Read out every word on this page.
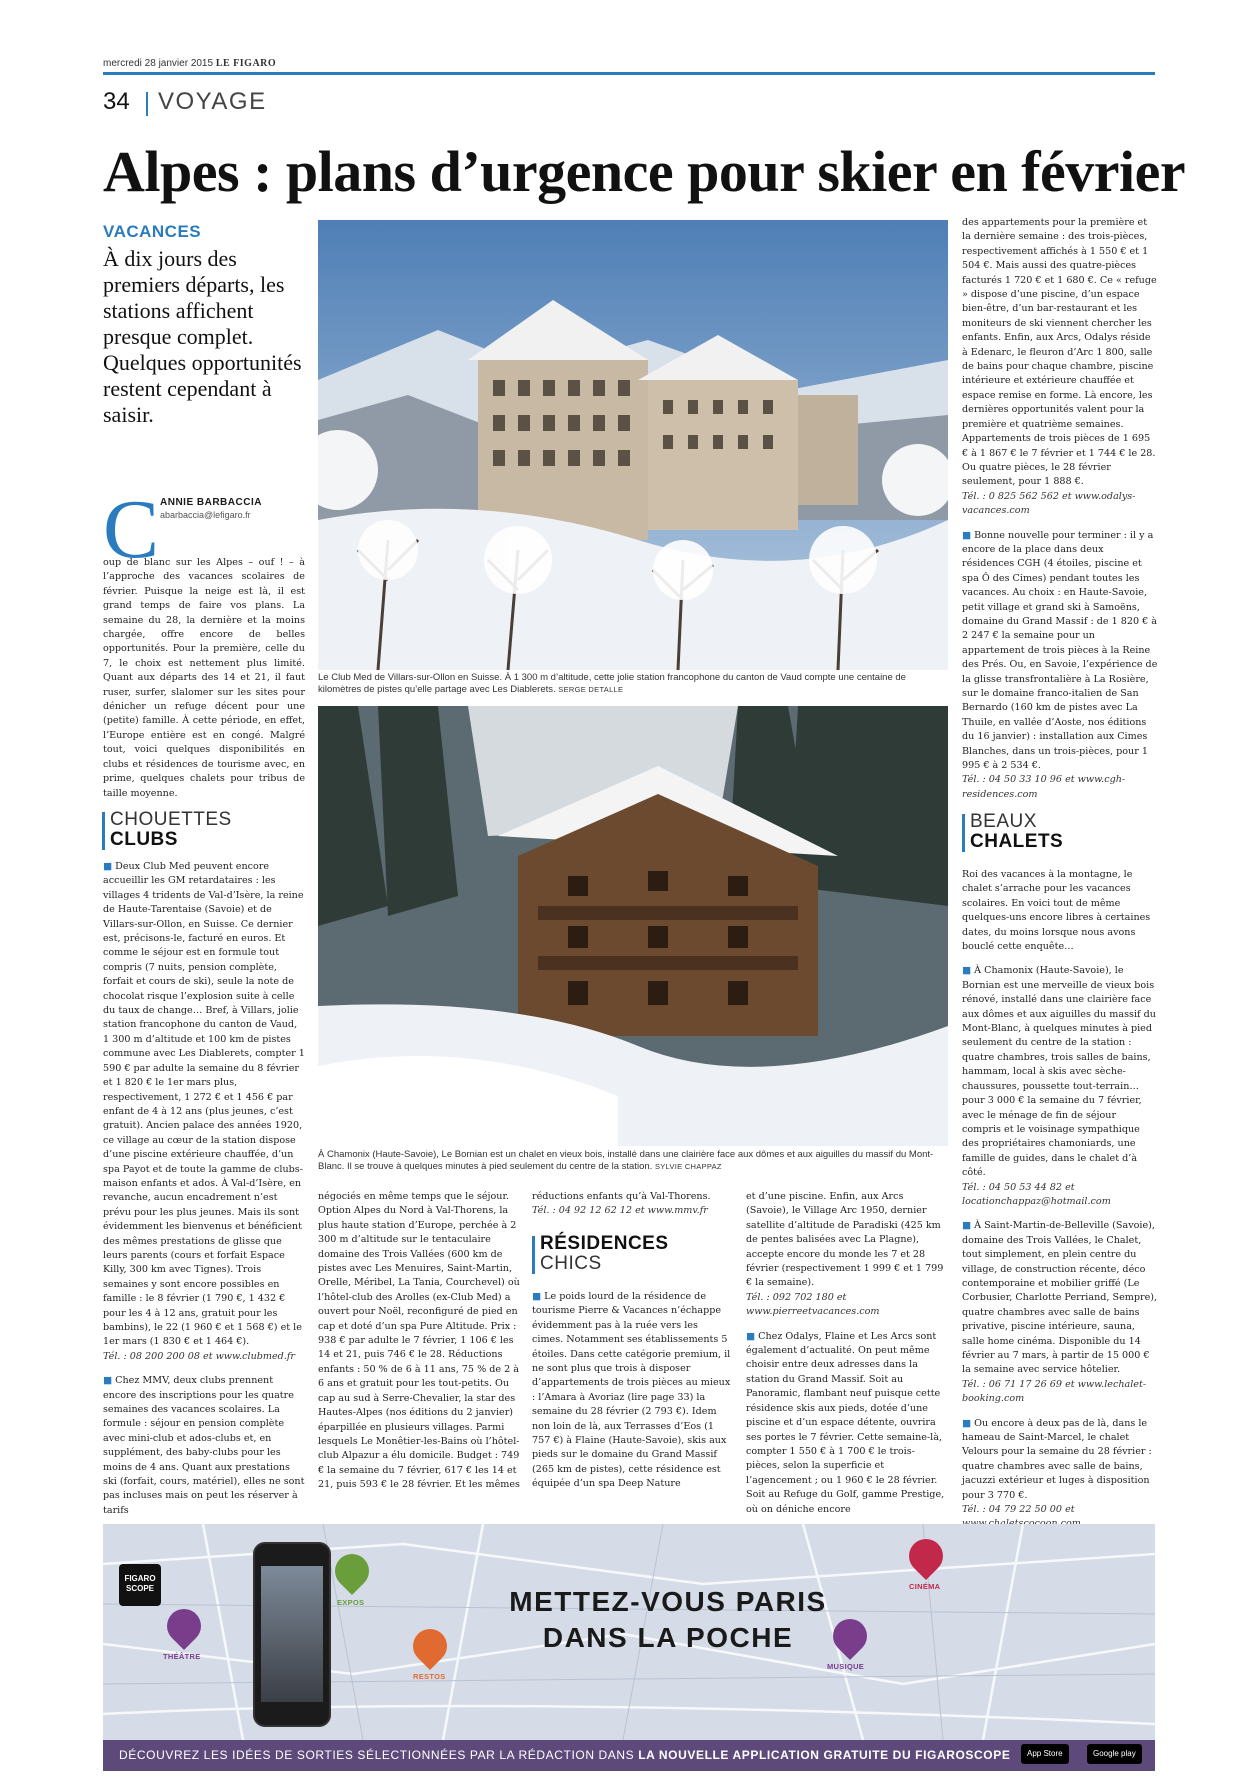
mercredi 28 janvier 2015 LE FIGARO
34 VOYAGE
Alpes : plans d’urgence pour skier en février
VACANCES
À dix jours des premiers départs, les stations affichent presque complet. Quelques opportunités restent cependant à saisir.
Le Club Med de Villars-sur-Ollon en Suisse. À 1 300 m d’altitude, cette jolie station francophone du canton de Vaud compte une centaine de kilomètres de pistes qu’elle partage avec Les Diablerets. SERGE DETALLE
À Chamonix (Haute-Savoie), Le Bornian est un chalet en vieux bois, installé dans une clairière face aux dômes et aux aiguilles du massif du Mont-Blanc. Il se trouve à quelques minutes à pied seulement du centre de la station. SYLVIE CHAPPAZ
C ANNIE BARBACCIA
abarbaccia@lefigaro.fr
oup de blanc sur les Alpes – ouf ! – à l’approche des vacances scolaires de février. Puisque la neige est là, il est grand temps de faire vos plans. La semaine du 28, la dernière et la moins chargée, offre encore de belles opportunités. Pour la première, celle du 7, le choix est nettement plus limité. Quant aux départs des 14 et 21, il faut ruser, surfer, slalomer sur les sites pour dénicher un refuge décent pour une (petite) famille. À cette période, en effet, l’Europe entière est en congé. Malgré tout, voici quelques disponibilités en clubs et résidences de tourisme avec, en prime, quelques chalets pour tribus de taille moyenne.
CHOUETTES
CLUBS
BEAUX
CHALETS
RÉSIDENCES
CHICS

■ Deux Club Med peuvent encore accueillir les GM retardataires : les villages 4 tridents de Val-d’Isère, la reine de Haute-Tarentaise (Savoie) et de Villars-sur-Ollon, en Suisse. Ce dernier est, précisons-le, facturé en euros. Et comme le séjour est en formule tout compris (7 nuits, pension complète, forfait et cours de ski), seule la note de chocolat risque l’explosion suite à celle du taux de change… Bref, à Villars, jolie station francophone du canton de Vaud, 1 300 m d’altitude et 100 km de pistes commune avec Les Diablerets, compter 1 590 € par adulte la semaine du 8 février et 1 820 € le 1er mars plus, respectivement, 1 272 € et 1 456 € par enfant de 4 à 12 ans (plus jeunes, c’est gratuit). Ancien palace des années 1920, ce village au cœur de la station dispose d’une piscine extérieure chauffée, d’un spa Payot et de toute la gamme de clubs-maison enfants et ados. À Val-d’Isère, en revanche, aucun encadrement n’est prévu pour les plus jeunes. Mais ils sont évidemment les bienvenus et bénéficient des mêmes prestations de glisse que leurs parents (cours et forfait Espace Killy, 300 km avec Tignes). Trois semaines y sont encore possibles en famille : le 8 février (1 790 €, 1 432 € pour les 4 à 12 ans, gratuit pour les bambins), le 22 (1 960 € et 1 568 €) et le 1er mars (1 830 € et 1 464 €).

Tél. : 08 200 200 08 et www.clubmed.fr

■ Chez MMV, deux clubs prennent encore des inscriptions pour les quatre semaines des vacances scolaires. La formule : séjour en pension complète avec mini-club et ados-clubs et, en supplément, des baby-clubs pour les moins de 4 ans. Quant aux prestations ski (forfait, cours, matériel), elles ne sont pas incluses mais on peut les réserver à tarifs

négociés en même temps que le séjour. Option Alpes du Nord à Val-Thorens, la plus haute station d’Europe, perchée à 2 300 m d’altitude sur le tentaculaire domaine des Trois Vallées (600 km de pistes avec Les Menuires, Saint-Martin, Orelle, Méribel, La Tania, Courchevel) où l’hôtel-club des Arolles (ex-Club Med) a ouvert pour Noël, reconfiguré de pied en cap et doté d’un spa Pure Altitude. Prix : 938 € par adulte le 7 février, 1 106 € les 14 et 21, puis 746 € le 28. Réductions enfants : 50 % de 6 à 11 ans, 75 % de 2 à 6 ans et gratuit pour les tout-petits. Ou cap au sud à Serre-Chevalier, la star des Hautes-Alpes (nos éditions du 2 janvier) éparpillée en plusieurs villages. Parmi lesquels Le Monêtier-les-Bains où l’hôtel-club Alpazur a élu domicile. Budget : 749 € la semaine du 7 février, 617 € les 14 et 21, puis 593 € le 28 février. Et les mêmes

réductions enfants qu’à Val-Thorens.

Tél. : 04 92 12 62 12 et www.mmv.fr

■ Le poids lourd de la résidence de tourisme Pierre & Vacances n’échappe évidemment pas à la ruée vers les cimes. Notamment ses établissements 5 étoiles. Dans cette catégorie premium, il ne sont plus que trois à disposer d’appartements de trois pièces au mieux : l’Amara à Avoriaz (lire page 33) la semaine du 28 février (2 793 €). Idem non loin de là, aux Terrasses d’Eos (1 757 €) à Flaine (Haute-Savoie), skis aux pieds sur le domaine du Grand Massif (265 km de pistes), cette résidence est équipée d’un spa Deep Nature

et d’une piscine. Enfin, aux Arcs (Savoie), le Village Arc 1950, dernier satellite d’altitude de Paradiski (425 km de pentes balisées avec La Plagne), accepte encore du monde les 7 et 28 février (respectivement 1 999 € et 1 799 € la semaine).

Tél. : 092 702 180 et www.pierreetvacances.com

■ Chez Odalys, Flaine et Les Arcs sont également d’actualité. On peut même choisir entre deux adresses dans la station du Grand Massif. Soit au Panoramic, flambant neuf puisque cette résidence skis aux pieds, dotée d’une piscine et d’un espace détente, ouvrira ses portes le 7 février. Cette semaine-là, compter 1 550 € à 1 700 € le trois-pièces, selon la superficie et l’agencement ; ou 1 960 € le 28 février. Soit au Refuge du Golf, gamme Prestige, où on déniche encore

des appartements pour la première et la dernière semaine : des trois-pièces, respectivement affichés à 1 550 € et 1 504 €. Mais aussi des quatre-pièces facturés 1 720 € et 1 680 €. Ce « refuge » dispose d’une piscine, d’un espace bien-être, d’un bar-restaurant et les moniteurs de ski viennent chercher les enfants. Enfin, aux Arcs, Odalys réside à Edenarc, le fleuron d’Arc 1 800, salle de bains pour chaque chambre, piscine intérieure et extérieure chauffée et espace remise en forme. Là encore, les dernières opportunités valent pour la première et quatrième semaines. Appartements de trois pièces de 1 695 € à 1 867 € le 7 février et 1 744 € le 28. Ou quatre pièces, le 28 février seulement, pour 1 888 €.

Tél. : 0 825 562 562 et www.odalys-vacances.com

■ Bonne nouvelle pour terminer : il y a encore de la place dans deux résidences CGH (4 étoiles, piscine et spa Ô des Cimes) pendant toutes les vacances. Au choix : en Haute-Savoie, petit village et grand ski à Samoëns, domaine du Grand Massif : de 1 820 € à 2 247 € la semaine pour un appartement de trois pièces à la Reine des Prés. Ou, en Savoie, l’expérience de la glisse transfrontalière à La Rosière, sur le domaine franco-italien de San Bernardo (160 km de pistes avec La Thuile, en vallée d’Aoste, nos éditions du 16 janvier) : installation aux Cimes Blanches, dans un trois-pièces, pour 1 995 € à 2 534 €.

Tél. : 04 50 33 10 96 et www.cgh-residences.com

Roi des vacances à la montagne, le chalet s’arrache pour les vacances scolaires. En voici tout de même quelques-uns encore libres à certaines dates, du moins lorsque nous avons bouclé cette enquête…

■ À Chamonix (Haute-Savoie), le Bornian est une merveille de vieux bois rénové, installé dans une clairière face aux dômes et aux aiguilles du massif du Mont-Blanc, à quelques minutes à pied seulement du centre de la station : quatre chambres, trois salles de bains, hammam, local à skis avec sèche-chaussures, poussette tout-terrain… pour 3 000 € la semaine du 7 février, avec le ménage de fin de séjour compris et le voisinage sympathique des propriétaires chamoniards, une famille de guides, dans le chalet d’à côté.

Tél. : 04 50 53 44 82 et locationchappaz@hotmail.com

■ À Saint-Martin-de-Belleville (Savoie), domaine des Trois Vallées, le Chalet, tout simplement, en plein centre du village, de construction récente, déco contemporaine et mobilier griffé (Le Corbusier, Charlotte Perriand, Sempre), quatre chambres avec salle de bains privative, piscine intérieure, sauna, salle home cinéma. Disponible du 14 février au 7 mars, à partir de 15 000 € la semaine avec service hôtelier.

Tél. : 06 71 17 26 69 et www.lechalet-booking.com

■ Ou encore à deux pas de là, dans le hameau de Saint-Marcel, le chalet Velours pour la semaine du 28 février : quatre chambres avec salle de bains, jacuzzi extérieur et luges à disposition pour 3 770 €.

Tél. : 04 79 22 50 00 et

FIGARO SCOPE
THÉÂTRE
EXPOS
RESTOS
MUSIQUE
CINÉMA
METTEZ-VOUS PARIS
DANS LA POCHE
DÉCOUVREZ LES IDÉES DE SORTIES SÉLECTIONNÉES PAR LA RÉDACTION DANS LA NOUVELLE APPLICATION GRATUITE DU FIGAROSCOPE	App Store	Google play
